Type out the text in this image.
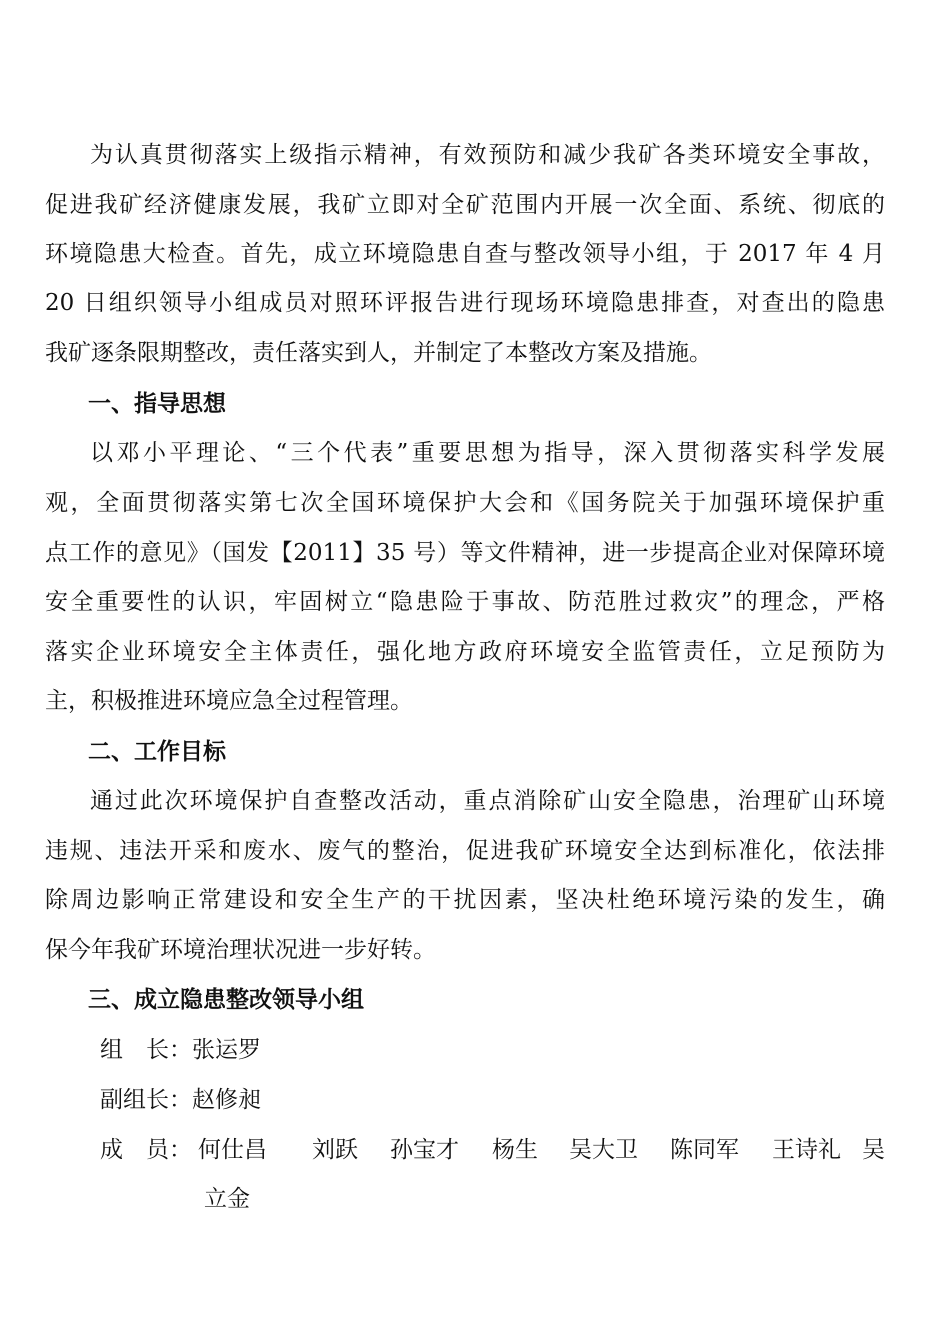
为认真贯彻落实上级指示精神，有效预防和减少我矿各类环境安全事故，
促进我矿经济健康发展，我矿立即对全矿范围内开展一次全面、系统、彻底的
环境隐患大检查。首先，成立环境隐患自查与整改领导小组，于 2017 年 4 月
20 日组织领导小组成员对照环评报告进行现场环境隐患排查，对查出的隐患
我矿逐条限期整改，责任落实到人，并制定了本整改方案及措施。
一、指导思想
以邓小平理论、“三个代表”重要思想为指导，深入贯彻落实科学发展
观，全面贯彻落实第七次全国环境保护大会和《国务院关于加强环境保护重
点工作的意见》（国发【2011】35 号）等文件精神，进一步提高企业对保障环境
安全重要性的认识，牢固树立“隐患险于事故、防范胜过救灾”的理念，严格
落实企业环境安全主体责任，强化地方政府环境安全监管责任，立足预防为
主，积极推进环境应急全过程管理。
二、工作目标
通过此次环境保护自查整改活动，重点消除矿山安全隐患，治理矿山环境
违规、违法开采和废水、废气的整治，促进我矿环境安全达到标准化，依法排
除周边影响正常建设和安全生产的干扰因素，坚决杜绝环境污染的发生，确
保今年我矿环境治理状况进一步好转。
三、成立隐患整改领导小组
组　长：张运罗
副组长：赵修昶
成　员： 何仕昌 刘跃 孙宝才 杨生 吴大卫 陈同军 王诗礼 吴
立金
